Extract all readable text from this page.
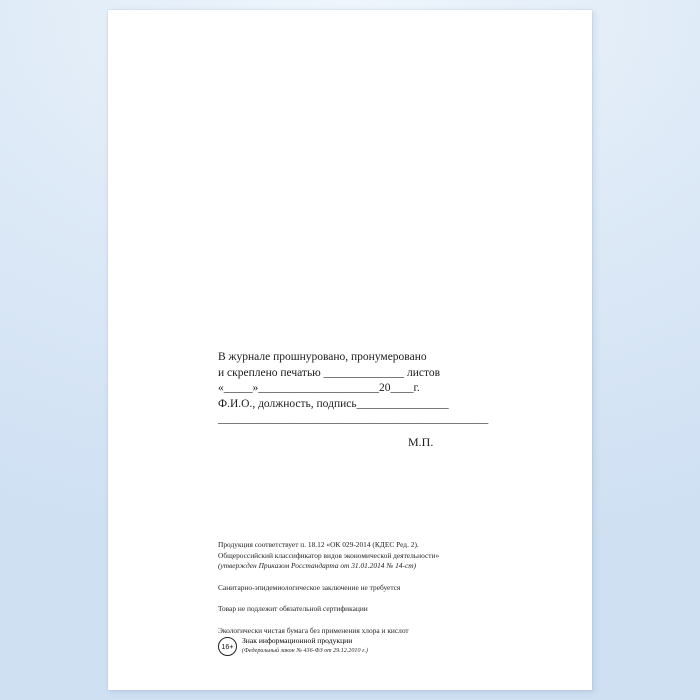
В журнале прошнуровано, пронумеровано
и скреплено печатью ______________ листов
«_____»_____________________20____г.
Ф.И.О., должность, подпись________________
_______________________________________________
М.П.

Продукция соответствует п. 18.12 «ОК 029-2014 (КДЕС Ред. 2).

Общероссийский классификатор видов экономической деятельности»

(утвержден Приказом Росстандарта от 31.01.2014 № 14-ст)

Санитарно-эпидемиологическое заключение не требуется

Товар не подлежит обязательной сертификации

Экологически чистая бумага без применения хлора и кислот

16+
Знак информационной продукции
(Федеральный закон № 436-ФЗ от 29.12.2010 г.)
